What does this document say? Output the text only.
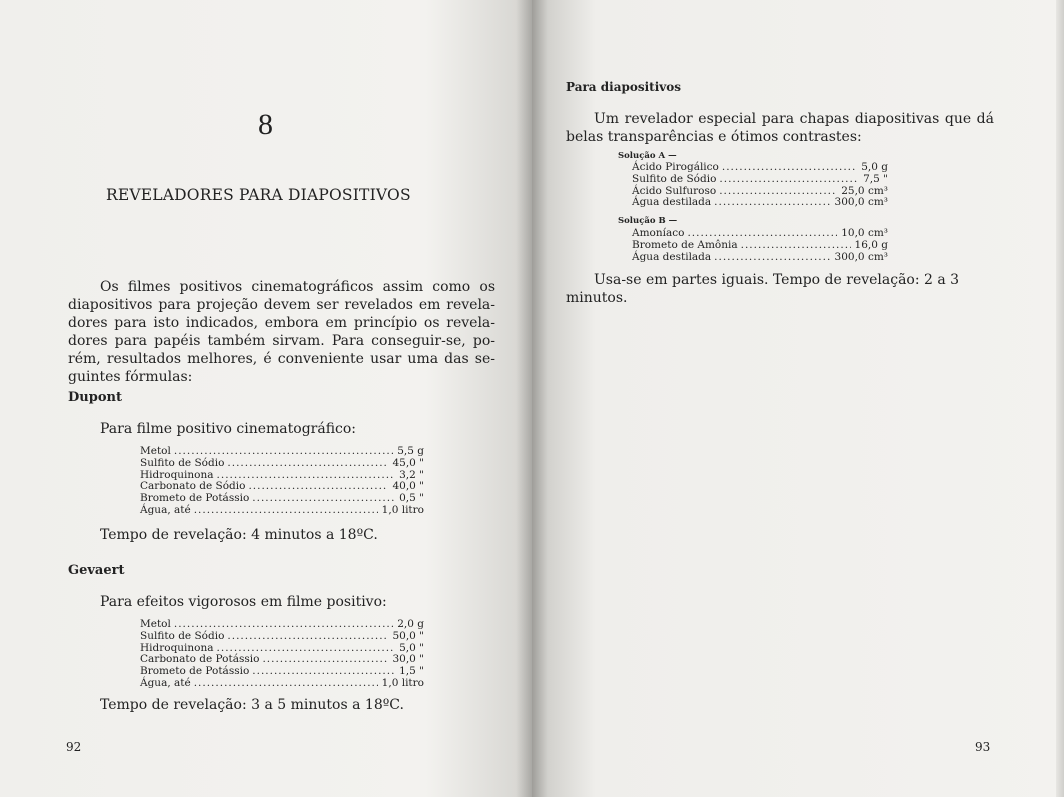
8
REVELADORES PARA DIAPOSITIVOS
Os filmes positivos cinematográficos assim como os diapositivos para projeção devem ser revelados em revela-dores para isto indicados, embora em princípio os revela-dores para papéis também sirvam. Para conseguir-se, po-rém, resultados melhores, é conveniente usar uma das se-guintes fórmulas:
Dupont
Para filme positivo cinematográfico:
Metol .....	5,5 g
Sulfito de Sódio .....	45,0 "
Hidroquinona .....	3,2 "
Carbonato de Sódio .....	40,0 "
Brometo de Potássio .....	0,5 "
Água, até .....	1,0 litro
Tempo de revelação: 4 minutos a 18ºC.
Gevaert
Para efeitos vigorosos em filme positivo:
Metol .....	2,0 g
Sulfito de Sódio .....	50,0 "
Hidroquinona .....	5,0 "
Carbonato de Potássio .....	30,0 "
Brometo de Potássio .....	1,5 "
Água, até .....	1,0 litro
Tempo de revelação: 3 a 5 minutos a 18ºC.
92
Para diapositivos
Um revelador especial para chapas diapositivas que dá belas transparências e ótimos contrastes:
Solução A —
Ácido Pirogálico .....	5,0 g
Sulfito de Sódio .....	7,5 "
Ácido Sulfuroso .....	25,0 cm³
Água destilada .....	300,0 cm³
Solução B —
Amoníaco .....	10,0 cm³
Brometo de Amônia .....	16,0 g
Água destilada .....	300,0 cm³
Usa-se em partes iguais. Tempo de revelação: 2 a 3 minutos.
93
